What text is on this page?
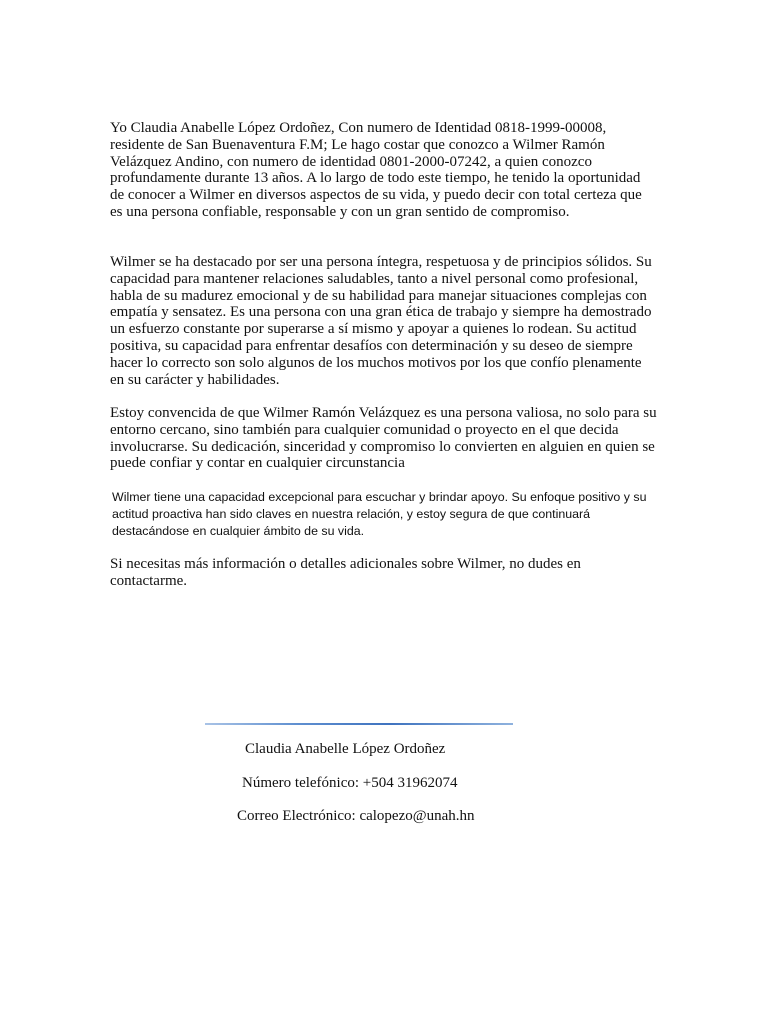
Yo Claudia Anabelle López Ordoñez, Con numero de Identidad 0818-1999-00008, residente de San Buenaventura F.M; Le hago costar que conozco a Wilmer Ramón Velázquez Andino, con numero de identidad 0801-2000-07242, a quien conozco profundamente durante 13 años. A lo largo de todo este tiempo, he tenido la oportunidad de conocer a Wilmer en diversos aspectos de su vida, y puedo decir con total certeza que es una persona confiable, responsable y con un gran sentido de compromiso.

Wilmer se ha destacado por ser una persona íntegra, respetuosa y de principios sólidos. Su capacidad para mantener relaciones saludables, tanto a nivel personal como profesional, habla de su madurez emocional y de su habilidad para manejar situaciones complejas con empatía y sensatez. Es una persona con una gran ética de trabajo y siempre ha demostrado un esfuerzo constante por superarse a sí mismo y apoyar a quienes lo rodean. Su actitud positiva, su capacidad para enfrentar desafíos con determinación y su deseo de siempre hacer lo correcto son solo algunos de los muchos motivos por los que confío plenamente en su carácter y habilidades.

Estoy convencida de que Wilmer Ramón Velázquez es una persona valiosa, no solo para su entorno cercano, sino también para cualquier comunidad o proyecto en el que decida involucrarse. Su dedicación, sinceridad y compromiso lo convierten en alguien en quien se puede confiar y contar en cualquier circunstancia

Wilmer tiene una capacidad excepcional para escuchar y brindar apoyo. Su enfoque positivo y su actitud proactiva han sido claves en nuestra relación, y estoy segura de que continuará destacándose en cualquier ámbito de su vida.

Si necesitas más información o detalles adicionales sobre Wilmer, no dudes en contactarme.

Claudia Anabelle López Ordoñez

Número telefónico: +504 31962074

Correo Electrónico: calopezo@unah.hn
